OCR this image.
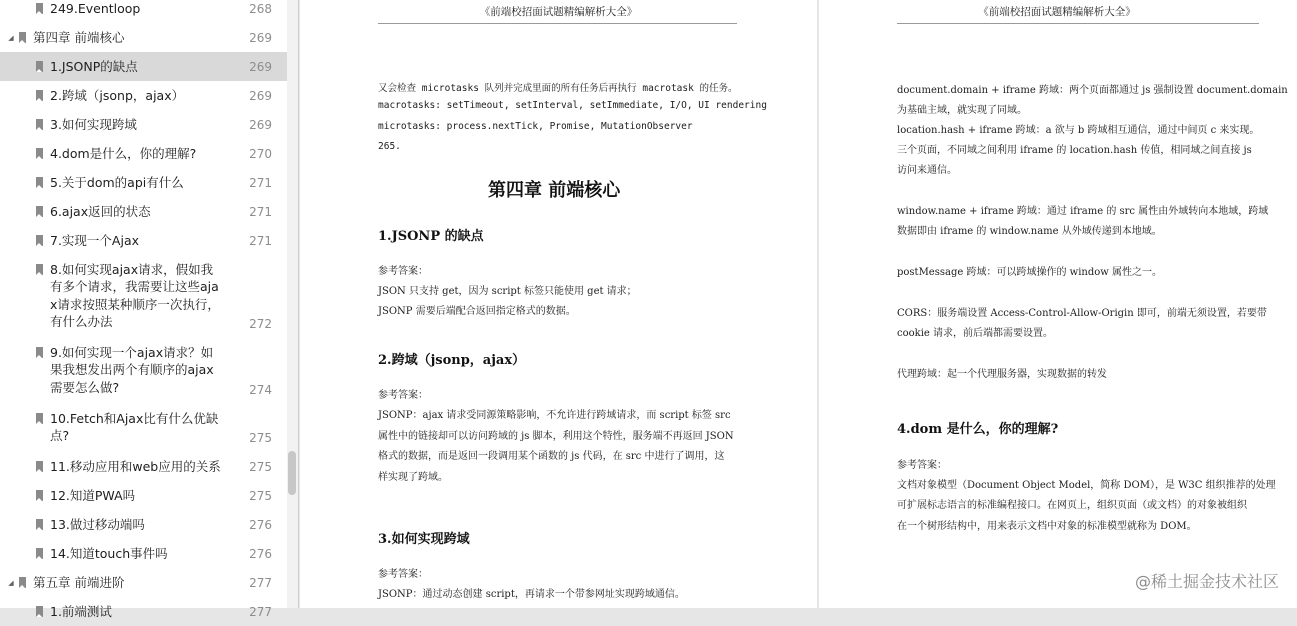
249.Eventloop	268
◢ 第四章 前端核心	269
1.JSONP的缺点	269
2.跨域（jsonp，ajax）	269
3.如何实现跨域	269
4.dom是什么，你的理解?	270
5.关于dom的api有什么	271
6.ajax返回的状态	271
7.实现一个Ajax	271
8.如何实现ajax请求，假如我
有多个请求，我需要让这些aja
x请求按照某种顺序一次执行，
有什么办法	272
9.如何实现一个ajax请求？如
果我想发出两个有顺序的ajax
需要怎么做?	274
10.Fetch和Ajax比有什么优缺
点?	275
11.移动应用和web应用的关系	275
12.知道PWA吗	275
13.做过移动端吗	276
14.知道touch事件吗	276
◢ 第五章 前端进阶	277
1.前端测试	277
《前端校招面试题精编解析大全》
又会检查 microtasks 队列并完成里面的所有任务后再执行 macrotask 的任务。
macrotasks: setTimeout, setInterval, setImmediate, I/O, UI rendering
microtasks: process.nextTick, Promise, MutationObserver
265.
第四章 前端核心
1.JSONP 的缺点
参考答案：
JSON 只支持 get，因为 script 标签只能使用 get 请求；
JSONP 需要后端配合返回指定格式的数据。
2.跨域（jsonp，ajax）
参考答案：
JSONP：ajax 请求受同源策略影响，不允许进行跨域请求，而 script 标签 src
属性中的链接却可以访问跨域的 js 脚本，利用这个特性，服务端不再返回 JSON
格式的数据，而是返回一段调用某个函数的 js 代码，在 src 中进行了调用，这
样实现了跨域。
3.如何实现跨域
参考答案：
JSONP：通过动态创建 script，再请求一个带参网址实现跨域通信。
《前端校招面试题精编解析大全》
document.domain + iframe 跨域：两个页面都通过 js 强制设置 document.domain
为基础主域，就实现了同域。
location.hash + iframe 跨域：a 欲与 b 跨域相互通信，通过中间页 c 来实现。
三个页面，不同域之间利用 iframe 的 location.hash 传值，相同域之间直接 js
访问来通信。
window.name + iframe 跨域：通过 iframe 的 src 属性由外域转向本地域，跨域
数据即由 iframe 的 window.name 从外域传递到本地域。
postMessage 跨域：可以跨域操作的 window 属性之一。
CORS：服务端设置 Access-Control-Allow-Origin 即可，前端无须设置，若要带
cookie 请求，前后端都需要设置。
代理跨域：起一个代理服务器，实现数据的转发
4.dom 是什么，你的理解?
参考答案：
文档对象模型（Document Object Model，简称 DOM），是 W3C 组织推荐的处理
可扩展标志语言的标准编程接口。在网页上，组织页面（或文档）的对象被组织
在一个树形结构中，用来表示文档中对象的标准模型就称为 DOM。
@稀土掘金技术社区
